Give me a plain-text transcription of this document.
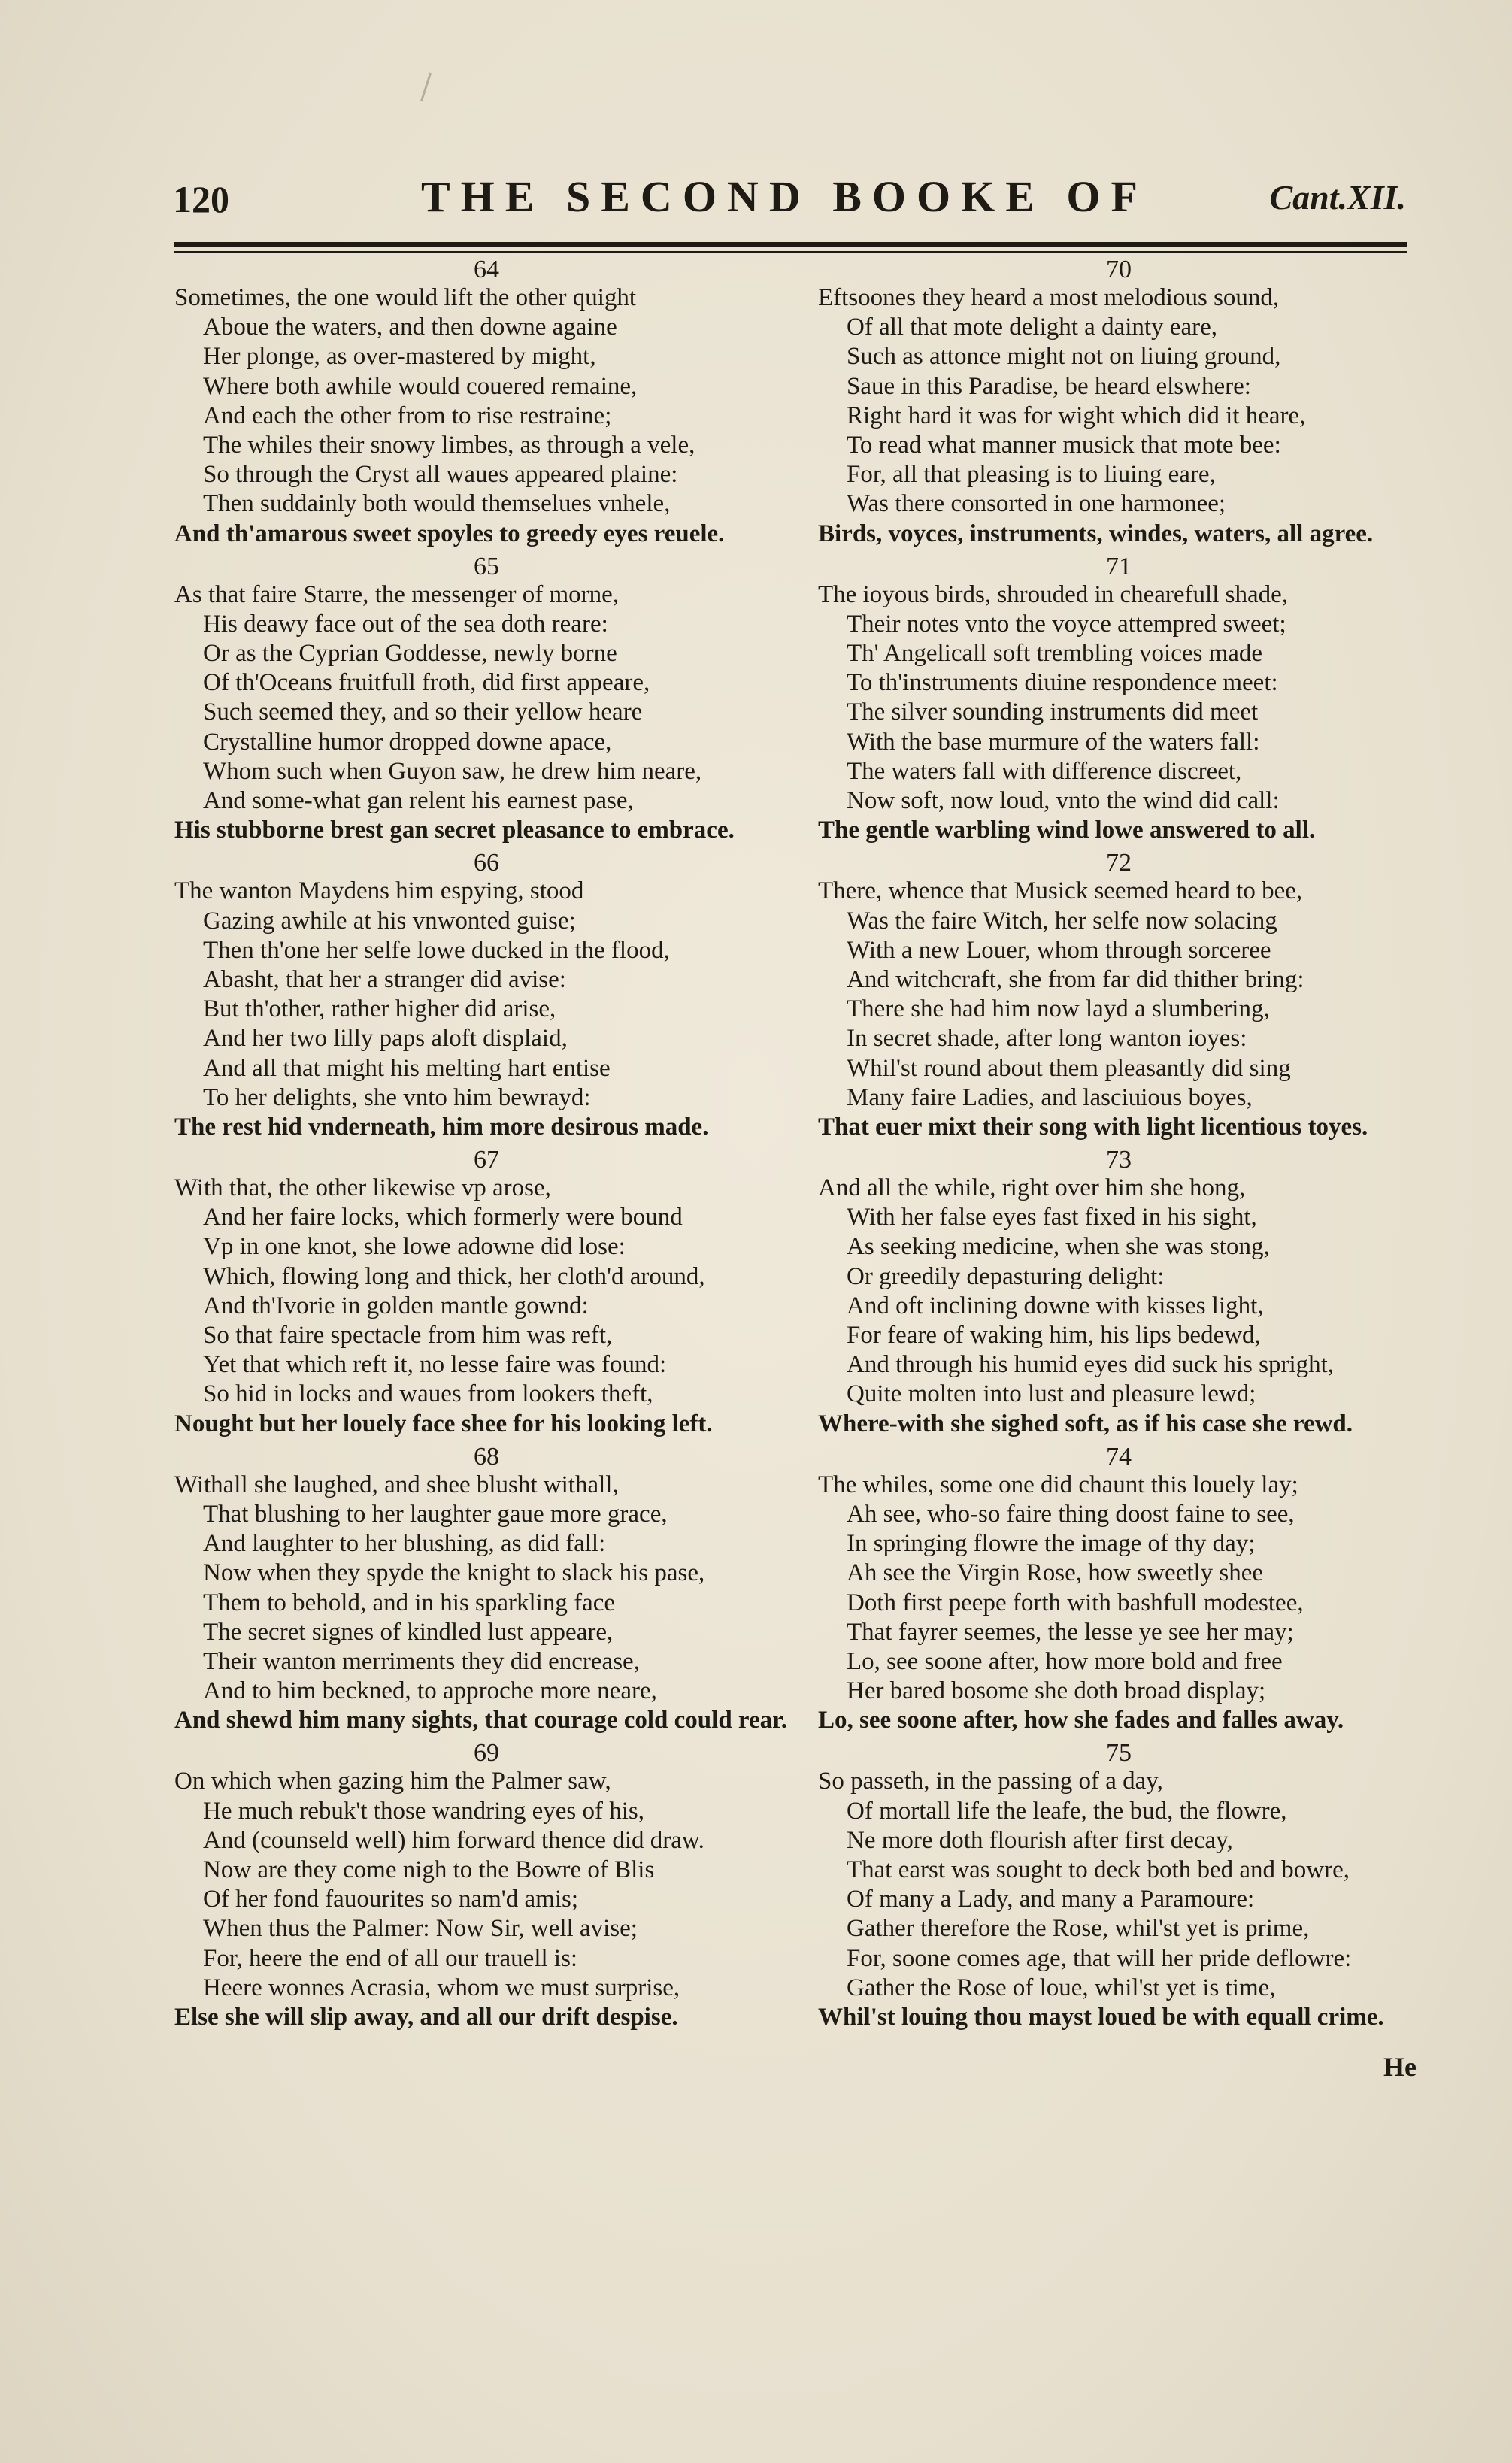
120	THE SECOND BOOKE OF	Cant.XII.
64
Sometimes, the one would lift the other quight
Aboue the waters, and then downe againe
Her plonge, as over-mastered by might,
Where both awhile would couered remaine,
And each the other from to rise restraine;
The whiles their snowy limbes, as through a vele,
So through the Cryst all waues appeared plaine:
Then suddainly both would themselues vnhele,
And th'amarous sweet spoyles to greedy eyes reuele.
65
As that faire Starre, the messenger of morne,
His deawy face out of the sea doth reare:
Or as the Cyprian Goddesse, newly borne
Of th'Oceans fruitfull froth, did first appeare,
Such seemed they, and so their yellow heare
Crystalline humor dropped downe apace,
Whom such when Guyon saw, he drew him neare,
And some-what gan relent his earnest pase,
His stubborne brest gan secret pleasance to embrace.
66
The wanton Maydens him espying, stood
Gazing awhile at his vnwonted guise;
Then th'one her selfe lowe ducked in the flood,
Abasht, that her a stranger did avise:
But th'other, rather higher did arise,
And her two lilly paps aloft displaid,
And all that might his melting hart entise
To her delights, she vnto him bewrayd:
The rest hid vnderneath, him more desirous made.
67
With that, the other likewise vp arose,
And her faire locks, which formerly were bound
Vp in one knot, she lowe adowne did lose:
Which, flowing long and thick, her cloth'd around,
And th'Ivorie in golden mantle gownd:
So that faire spectacle from him was reft,
Yet that which reft it, no lesse faire was found:
So hid in locks and waues from lookers theft,
Nought but her louely face shee for his looking left.
68
Withall she laughed, and shee blusht withall,
That blushing to her laughter gaue more grace,
And laughter to her blushing, as did fall:
Now when they spyde the knight to slack his pase,
Them to behold, and in his sparkling face
The secret signes of kindled lust appeare,
Their wanton merriments they did encrease,
And to him beckned, to approche more neare,
And shewd him many sights, that courage cold could rear.
69
On which when gazing him the Palmer saw,
He much rebuk't those wandring eyes of his,
And (counseld well) him forward thence did draw.
Now are they come nigh to the Bowre of Blis
Of her fond fauourites so nam'd amis;
When thus the Palmer: Now Sir, well avise;
For, heere the end of all our trauell is:
Heere wonnes Acrasia, whom we must surprise,
Else she will slip away, and all our drift despise.
70
Eftsoones they heard a most melodious sound,
Of all that mote delight a dainty eare,
Such as attonce might not on liuing ground,
Saue in this Paradise, be heard elswhere:
Right hard it was for wight which did it heare,
To read what manner musick that mote bee:
For, all that pleasing is to liuing eare,
Was there consorted in one harmonee;
Birds, voyces, instruments, windes, waters, all agree.
71
The ioyous birds, shrouded in chearefull shade,
Their notes vnto the voyce attempred sweet;
Th' Angelicall soft trembling voices made
To th'instruments diuine respondence meet:
The silver sounding instruments did meet
With the base murmure of the waters fall:
The waters fall with difference discreet,
Now soft, now loud, vnto the wind did call:
The gentle warbling wind lowe answered to all.
72
There, whence that Musick seemed heard to bee,
Was the faire Witch, her selfe now solacing
With a new Louer, whom through sorceree
And witchcraft, she from far did thither bring:
There she had him now layd a slumbering,
In secret shade, after long wanton ioyes:
Whil'st round about them pleasantly did sing
Many faire Ladies, and lasciuious boyes,
That euer mixt their song with light licentious toyes.
73
And all the while, right over him she hong,
With her false eyes fast fixed in his sight,
As seeking medicine, when she was stong,
Or greedily depasturing delight:
And oft inclining downe with kisses light,
For feare of waking him, his lips bedewd,
And through his humid eyes did suck his spright,
Quite molten into lust and pleasure lewd;
Where-with she sighed soft, as if his case she rewd.
74
The whiles, some one did chaunt this louely lay;
Ah see, who-so faire thing doost faine to see,
In springing flowre the image of thy day;
Ah see the Virgin Rose, how sweetly shee
Doth first peepe forth with bashfull modestee,
That fayrer seemes, the lesse ye see her may;
Lo, see soone after, how more bold and free
Her bared bosome she doth broad display;
Lo, see soone after, how she fades and falles away.
75
So passeth, in the passing of a day,
Of mortall life the leafe, the bud, the flowre,
Ne more doth flourish after first decay,
That earst was sought to deck both bed and bowre,
Of many a Lady, and many a Paramoure:
Gather therefore the Rose, whil'st yet is prime,
For, soone comes age, that will her pride deflowre:
Gather the Rose of loue, whil'st yet is time,
Whil'st louing thou mayst loued be with equall crime.
He
